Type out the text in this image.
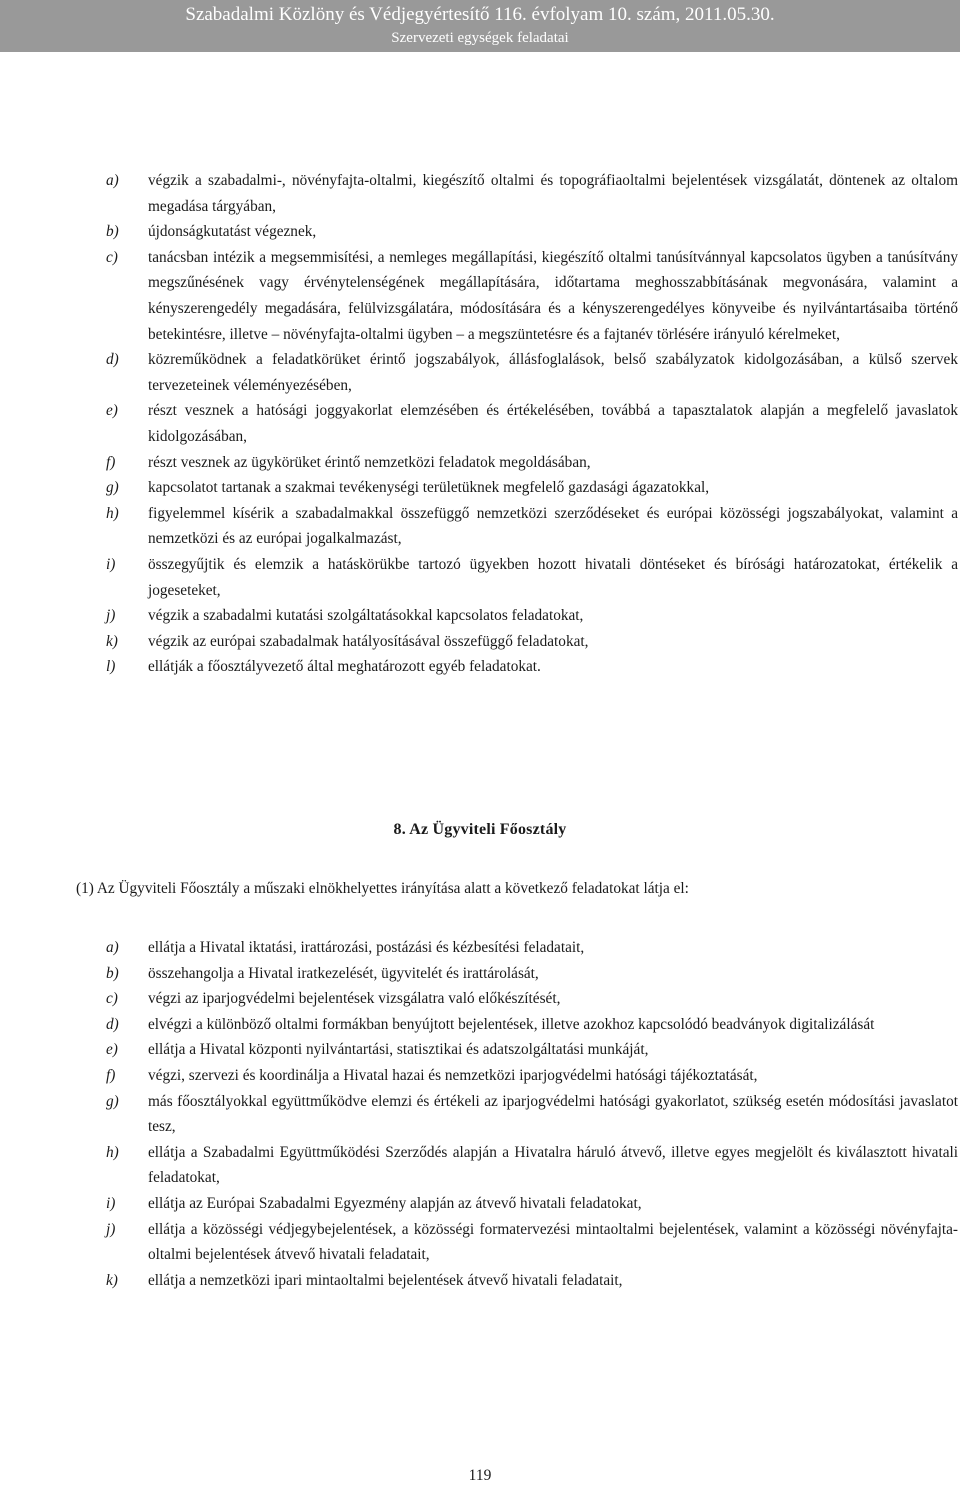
Szabadalmi Közlöny és Védjegyértesítő 116. évfolyam 10. szám, 2011.05.30.
Szervezeti egységek feladatai
a) végzik a szabadalmi-, növényfajta-oltalmi, kiegészítő oltalmi és topográfiaoltalmi bejelentések vizsgálatát, döntenek az oltalom megadása tárgyában,
b) újdonságkutatást végeznek,
c) tanácsban intézik a megsemmisítési, a nemleges megállapítási, kiegészítő oltalmi tanúsítvánnyal kapcsolatos ügyben a tanúsítvány megszűnésének vagy érvénytelenségének megállapítására, időtartama meghosszabbításának megvonására, valamint a kényszerengedély megadására, felülvizsgálatára, módosítására és a kényszerengedélyes könyveibe és nyilvántartásaiba történő betekintésre, illetve – növényfajta-oltalmi ügyben – a megszüntetésre és a fajtanév törlésére irányuló kérelmeket,
d) közreműködnek a feladatkörüket érintő jogszabályok, állásfoglalások, belső szabályzatok kidolgozásában, a külső szervek tervezeteinek véleményezésében,
e) részt vesznek a hatósági joggyakorlat elemzésében és értékelésében, továbbá a tapasztalatok alapján a megfelelő javaslatok kidolgozásában,
f) részt vesznek az ügykörüket érintő nemzetközi feladatok megoldásában,
g) kapcsolatot tartanak a szakmai tevékenységi területüknek megfelelő gazdasági ágazatokkal,
h) figyelemmel kísérik a szabadalmakkal összefüggő nemzetközi szerződéseket és európai közösségi jogszabályokat, valamint a nemzetközi és az európai jogalkalmazást,
i) összegyűjtik és elemzik a hatáskörükbe tartozó ügyekben hozott hivatali döntéseket és bírósági határozatokat, értékelik a jogeseteket,
j) végzik a szabadalmi kutatási szolgáltatásokkal kapcsolatos feladatokat,
k) végzik az európai szabadalmak hatályosításával összefüggő feladatokat,
l) ellátják a főosztályvezető által meghatározott egyéb feladatokat.
8. Az Ügyviteli Főosztály
(1) Az Ügyviteli Főosztály a műszaki elnökhelyettes irányítása alatt a következő feladatokat látja el:
a) ellátja a Hivatal iktatási, irattározási, postázási és kézbesítési feladatait,
b) összehangolja a Hivatal iratkezelését, ügyvitelét és irattárolását,
c) végzi az iparjogvédelmi bejelentések vizsgálatra való előkészítését,
d) elvégzi a különböző oltalmi formákban benyújtott bejelentések, illetve azokhoz kapcsolódó beadványok digitalizálását
e) ellátja a Hivatal központi nyilvántartási, statisztikai és adatszolgáltatási munkáját,
f) végzi, szervezi és koordinálja a Hivatal hazai és nemzetközi iparjogvédelmi hatósági tájékoztatását,
g) más főosztályokkal együttműködve elemzi és értékeli az iparjogvédelmi hatósági gyakorlatot, szükség esetén módosítási javaslatot tesz,
h) ellátja a Szabadalmi Együttműködési Szerződés alapján a Hivatalra háruló átvevő, illetve egyes megjelölt és kiválasztott hivatali feladatokat,
i) ellátja az Európai Szabadalmi Egyezmény alapján az átvevő hivatali feladatokat,
j) ellátja a közösségi védjegybejelentések, a közösségi formatervezési mintaoltalmi bejelentések, valamint a közösségi növényfajta-oltalmi bejelentések átvevő hivatali feladatait,
k) ellátja a nemzetközi ipari mintaoltalmi bejelentések átvevő hivatali feladatait,
119
